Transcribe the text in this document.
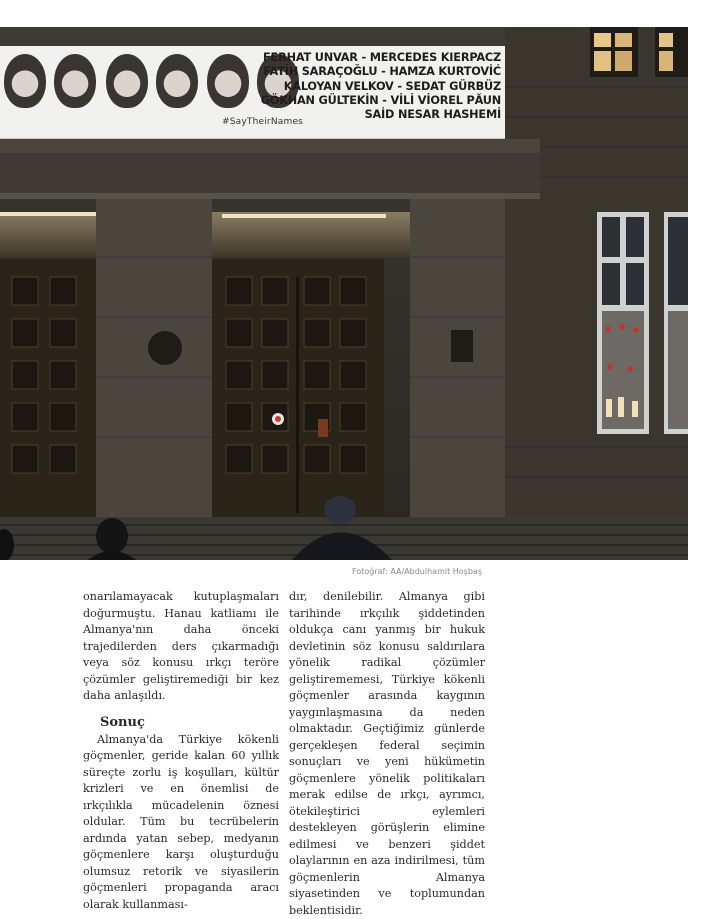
#SayTheirNames
FERHAT UNVAR - MERCEDES KIERPACZ
FATİH SARAÇOĞLU - HAMZA KURTOVİĆ
KALOYAN VELKOV - SEDAT GÜRBÜZ
GÖKHAN GÜLTEKİN - VİLİ VİOREL PĂUN
SAİD NESAR HASHEMİ
Fotoğraf: AA/Abdulhamit Hoşbaş

onarılamayacak kutuplaşmaları doğurmuştu. Hanau katliamı ile Almanya'nın daha önceki trajedilerden ders çıkarmadığı veya söz konusu ırkçı teröre çözümler geliştiremediği bir kez daha anlaşıldı.

Sonuç

Almanya'da Türkiye kökenli göçmenler, geride kalan 60 yıllık süreçte zorlu iş koşulları, kültür krizleri ve en önemlisi de ırkçılıkla mücadelenin öznesi oldular. Tüm bu tecrübelerin ardında yatan sebep, medyanın göçmenlere karşı oluşturduğu olumsuz retorik ve siyasilerin göçmenleri propaganda aracı olarak kullanması-

dır, denilebilir. Almanya gibi tarihinde ırkçılık şiddetinden oldukça canı yanmış bir hukuk devletinin söz konusu saldırılara yönelik radikal çözümler geliştirememesi, Türkiye kökenli göçmenler arasında kaygının yaygınlaşmasına da neden olmaktadır. Geçtiğimiz günlerde gerçekleşen federal seçimin sonuçları ve yeni hükümetin göçmenlere yönelik politikaları merak edilse de ırkçı, ayrımcı, ötekileştirici eylemleri destekleyen görüşlerin elimine edilmesi ve benzeri şiddet olaylarının en aza indirilmesi, tüm göçmenlerin Almanya siyasetinden ve toplumundan beklentisidir.
